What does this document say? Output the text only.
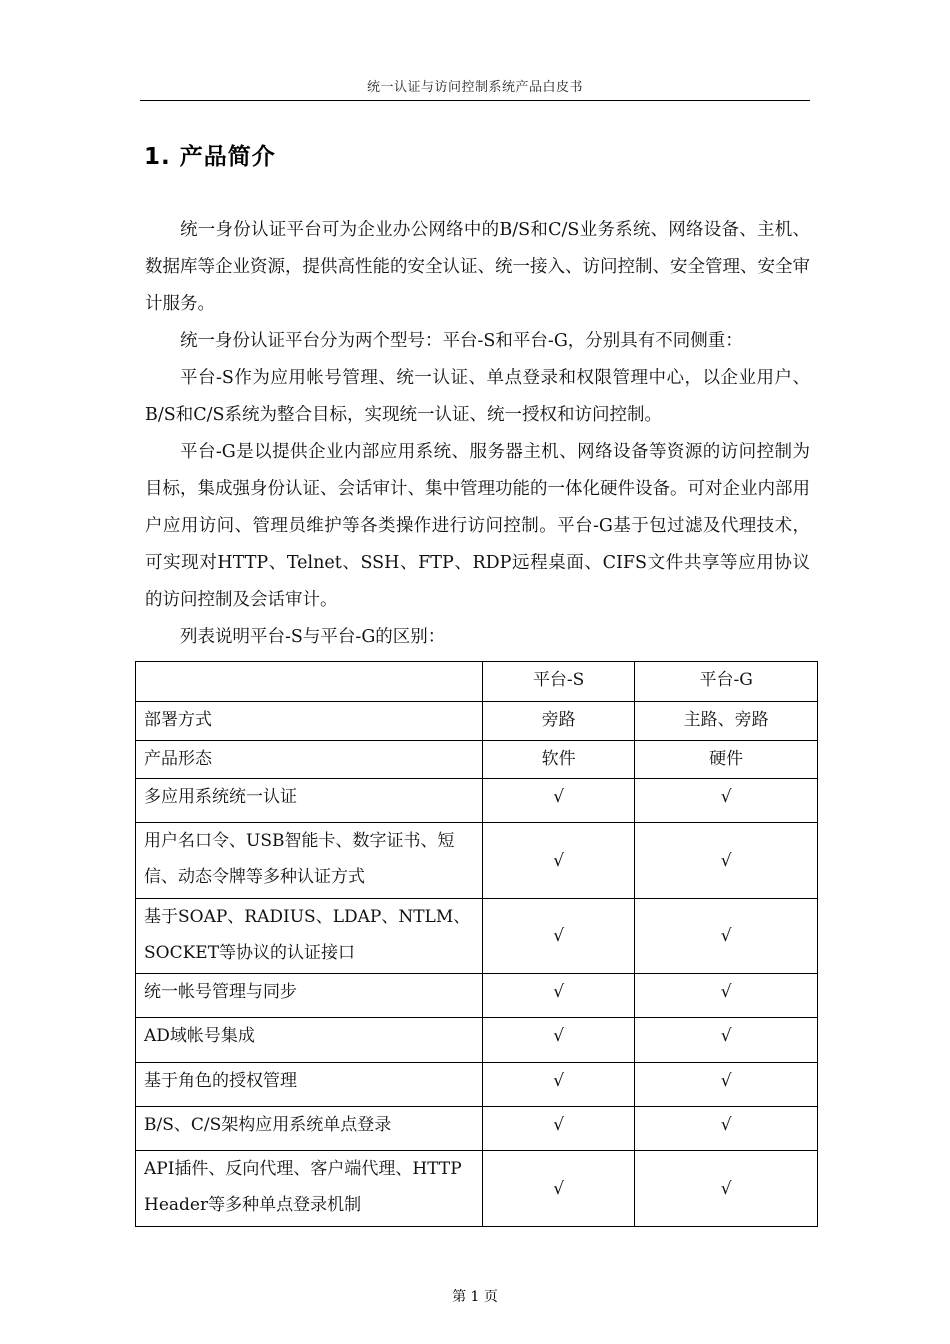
统一认证与访问控制系统产品白皮书
1. 产品简介

统一身份认证平台可为企业办公网络中的B/S和C/S业务系统、网络设备、主机、数据库等企业资源，提供高性能的安全认证、统一接入、访问控制、安全管理、安全审计服务。

统一身份认证平台分为两个型号：平台-S和平台-G，分别具有不同侧重：

平台-S作为应用帐号管理、统一认证、单点登录和权限管理中心，以企业用户、B/S和C/S系统为整合目标，实现统一认证、统一授权和访问控制。

平台-G是以提供企业内部应用系统、服务器主机、网络设备等资源的访问控制为目标，集成强身份认证、会话审计、集中管理功能的一体化硬件设备。可对企业内部用户应用访问、管理员维护等各类操作进行访问控制。平台-G基于包过滤及代理技术，可实现对HTTP、Telnet、SSH、FTP、RDP远程桌面、CIFS文件共享等应用协议的访问控制及会话审计。

列表说明平台-S与平台-G的区别：

	平台-S	平台-G
部署方式	旁路	主路、旁路
产品形态	软件	硬件
多应用系统统一认证	√	√
用户名口令、USB智能卡、数字证书、短信、动态令牌等多种认证方式	√	√
基于SOAP、RADIUS、LDAP、NTLM、SOCKET等协议的认证接口	√	√
统一帐号管理与同步	√	√
AD域帐号集成	√	√
基于角色的授权管理	√	√
B/S、C/S架构应用系统单点登录	√	√
API插件、反向代理、客户端代理、HTTP Header等多种单点登录机制	√	√
第 1 页
